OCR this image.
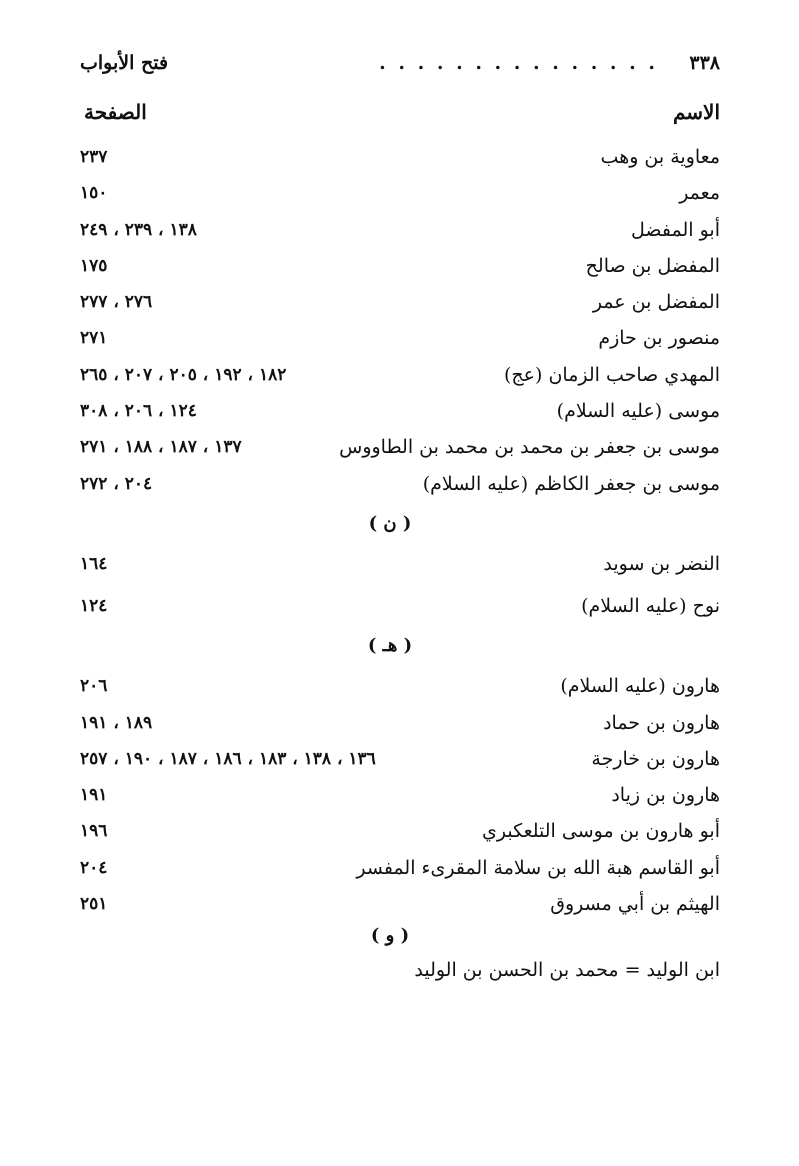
٣٣٨
. . . . . . . . . . . . . . .
فتح الأبواب
الاسم
الصفحة
معاوية بن وهب
٢٣٧
معمر
١٥٠
أبو المفضل
١٣٨ ، ٢٣٩ ، ٢٤٩
المفضل بن صالح
١٧٥
المفضل بن عمر
٢٧٦ ، ٢٧٧
منصور بن حازم
٢٧١
المهدي صاحب الزمان (عج)
١٨٢ ، ١٩٢ ، ٢٠٥ ، ٢٠٧ ، ٢٦٥
موسى (عليه السلام)
١٢٤ ، ٢٠٦ ، ٣٠٨
موسى بن جعفر بن محمد بن محمد بن الطاووس
١٣٧ ، ١٨٧ ، ١٨٨ ، ٢٧١
موسى بن جعفر الكاظم (عليه السلام)
٢٠٤ ، ٢٧٢
( ن )
النضر بن سويد
١٦٤
نوح (عليه السلام)
١٢٤
( هـ )
هارون (عليه السلام)
٢٠٦
هارون بن حماد
١٨٩ ، ١٩١
هارون بن خارجة
١٣٦ ، ١٣٨ ، ١٨٣ ، ١٨٦ ، ١٨٧ ، ١٩٠ ، ٢٥٧
هارون بن زياد
١٩١
أبو هارون بن موسى التلعكبري
١٩٦
أبو القاسم هبة الله بن سلامة المقرىء المفسر
٢٠٤
الهيثم بن أبي مسروق
٢٥١
( و )
ابن الوليد = محمد بن الحسن بن الوليد
